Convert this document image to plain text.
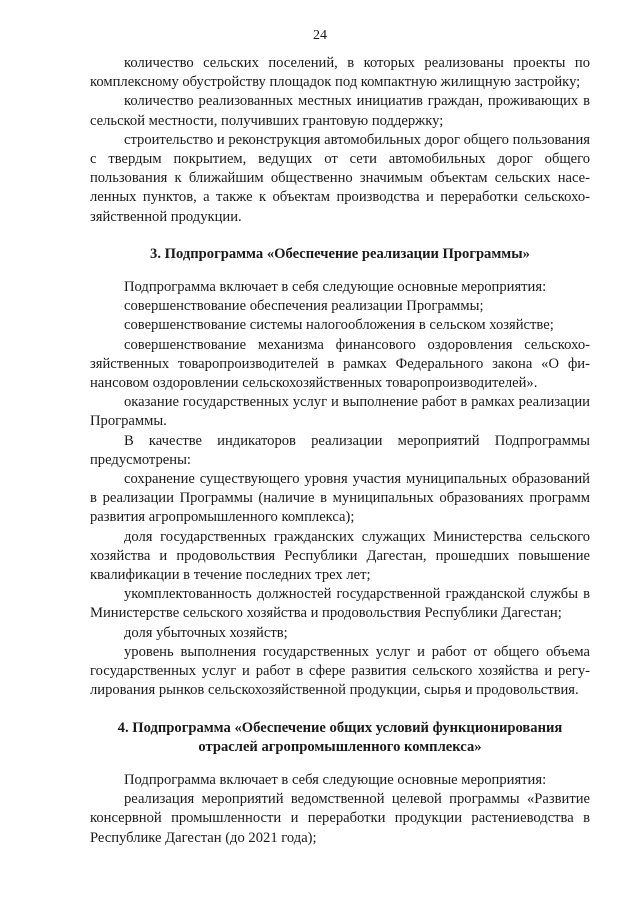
24

количество сельских поселений, в которых реализованы проекты по комплексному обустройству площадок под компактную жилищную застройку;

количество реализованных местных инициатив граждан, проживающих в сельской местности, получивших грантовую поддержку;

строительство и реконструкция автомобильных дорог общего пользования с твердым покрытием, ведущих от сети автомобильных дорог общего пользования к ближайшим общественно значимым объектам сельских населенных пунктов, а также к объектам производства и переработки сельскохозяйственной продукции.

3. Подпрограмма «Обеспечение реализации Программы»

Подпрограмма включает в себя следующие основные мероприятия:

совершенствование обеспечения реализации Программы;

совершенствование системы налогообложения в сельском хозяйстве;

совершенствование механизма финансового оздоровления сельскохозяйственных товаропроизводителей в рамках Федерального закона «О финансовом оздоровлении сельскохозяйственных товаропроизводителей».

оказание государственных услуг и выполнение работ в рамках реализации Программы.

В качестве индикаторов реализации мероприятий Подпрограммы предусмотрены:

сохранение существующего уровня участия муниципальных образований в реализации Программы (наличие в муниципальных образованиях программ развития агропромышленного комплекса);

доля государственных гражданских служащих Министерства сельского хозяйства и продовольствия Республики Дагестан, прошедших повышение квалификации в течение последних трех лет;

укомплектованность должностей государственной гражданской службы в Министерстве сельского хозяйства и продовольствия Республики Дагестан;

доля убыточных хозяйств;

уровень выполнения государственных услуг и работ от общего объема государственных услуг и работ в сфере развития сельского хозяйства и регулирования рынков сельскохозяйственной продукции, сырья и продовольствия.

4. Подпрограмма «Обеспечение общих условий функционирования отраслей агропромышленного комплекса»

Подпрограмма включает в себя следующие основные мероприятия:

реализация мероприятий ведомственной целевой программы «Развитие консервной промышленности и переработки продукции растениеводства в Республике Дагестан (до 2021 года);
